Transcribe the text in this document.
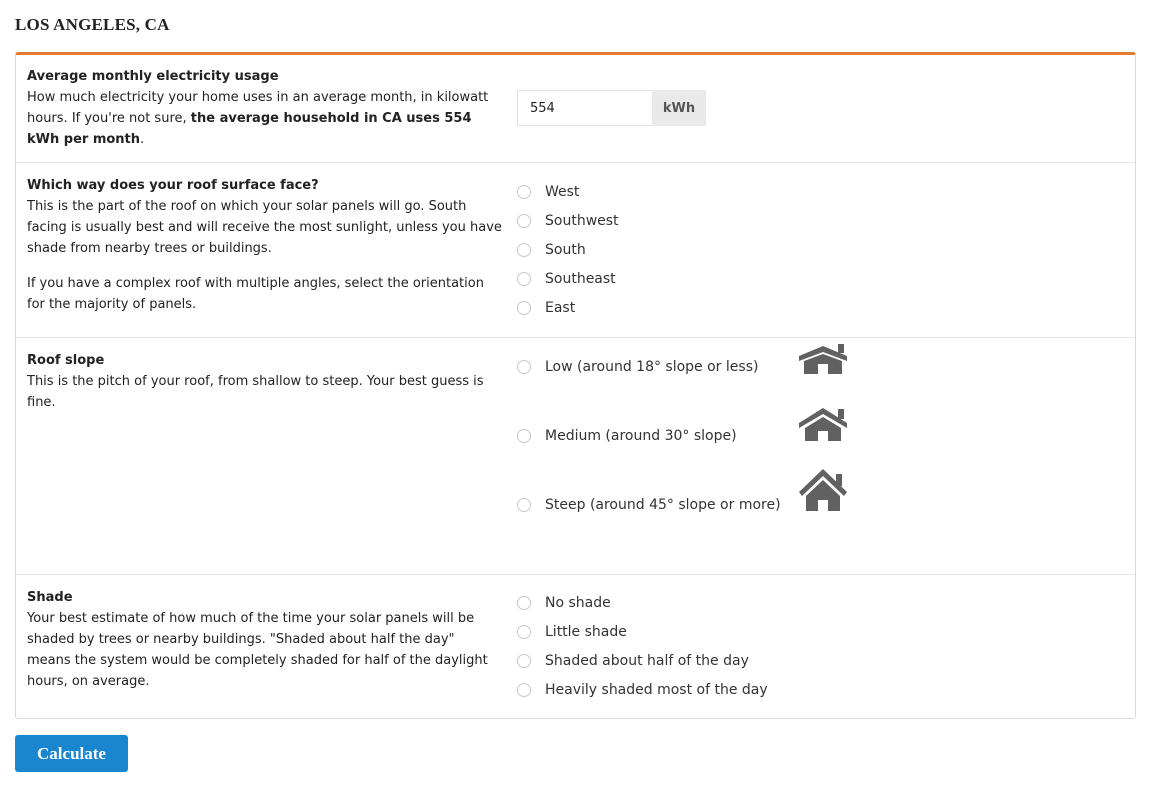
LOS ANGELES, CA
Average monthly electricity usage

How much electricity your home uses in an average month, in kilowatt hours. If you're not sure, the average household in CA uses 554 kWh per month.

554
kWh
Which way does your roof surface face?

This is the part of the roof on which your solar panels will go. South facing is usually best and will receive the most sunlight, unless you have shade from nearby trees or buildings.

If you have a complex roof with multiple angles, select the orientation for the majority of panels.

West
Southwest
South
Southeast
East
Roof slope

This is the pitch of your roof, from shallow to steep. Your best guess is fine.

Low (around 18° slope or less)
Medium (around 30° slope)
Steep (around 45° slope or more)
Shade

Your best estimate of how much of the time your solar panels will be shaded by trees or nearby buildings. "Shaded about half the day" means the system would be completely shaded for half of the daylight hours, on average.

No shade
Little shade
Shaded about half of the day
Heavily shaded most of the day
Calculate
